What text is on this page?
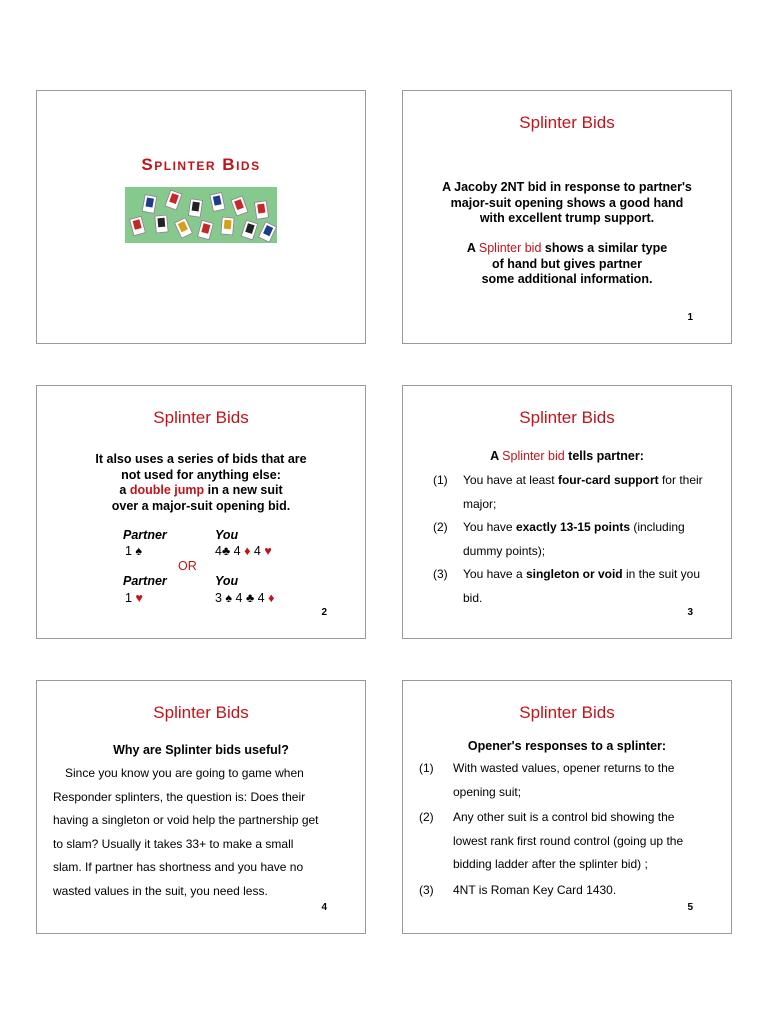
Splinter Bids
Splinter Bids
A Jacoby 2NT bid in response to partner's
major-suit opening shows a good hand
with excellent trump support.
A Splinter bid shows a similar type
of hand but gives partner
some additional information.
1
Splinter Bids
It also uses a series of bids that are
not used for anything else:
a double jump in a new suit
over a major-suit opening bid.
Partner	You
1 ♠	4♣ 4 ♦ 4 ♥
OR
Partner	You
1 ♥	3 ♠ 4 ♣ 4 ♦
2
Splinter Bids
A Splinter bid tells partner:
(1) You have at least four-card support for their
major;
(2) You have exactly 13-15 points (including
dummy points);
(3) You have a singleton or void in the suit you
bid.
3
Splinter Bids
Why are Splinter bids useful?
Since you know you are going to game when
Responder splinters, the question is: Does their
having a singleton or void help the partnership get
to slam? Usually it takes 33+ to make a small
slam. If partner has shortness and you have no
wasted values in the suit, you need less.
4
Splinter Bids
Opener's responses to a splinter:
(1) With wasted values, opener returns to the
opening suit;
(2) Any other suit is a control bid showing the
lowest rank first round control (going up the
bidding ladder after the splinter bid) ;
(3) 4NT is Roman Key Card 1430.
5
